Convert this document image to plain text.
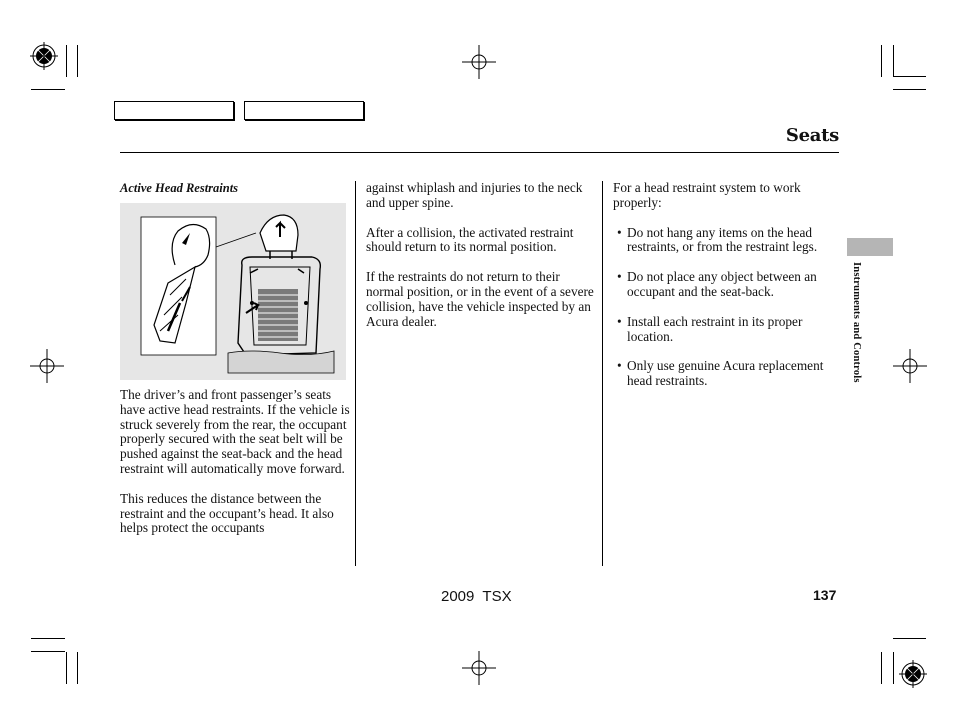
Seats
Instruments and Controls
Active Head Restraints

The driver’s and front passenger’s seats have active head restraints. If the vehicle is struck severely from the rear, the occupant properly secured with the seat belt will be pushed against the seat-back and the head restraint will automatically move forward.

This reduces the distance between the restraint and the occupant’s head. It also helps protect the occupants

against whiplash and injuries to the neck and upper spine.

After a collision, the activated restraint should return to its normal position.

If the restraints do not return to their normal position, or in the event of a severe collision, have the vehicle inspected by an Acura dealer.

For a head restraint system to work properly:

• Do not hang any items on the head restraints, or from the restraint legs.
• Do not place any object between an occupant and the seat-back.
• Install each restraint in its proper location.
• Only use genuine Acura replacement head restraints.
2009  TSX	137
